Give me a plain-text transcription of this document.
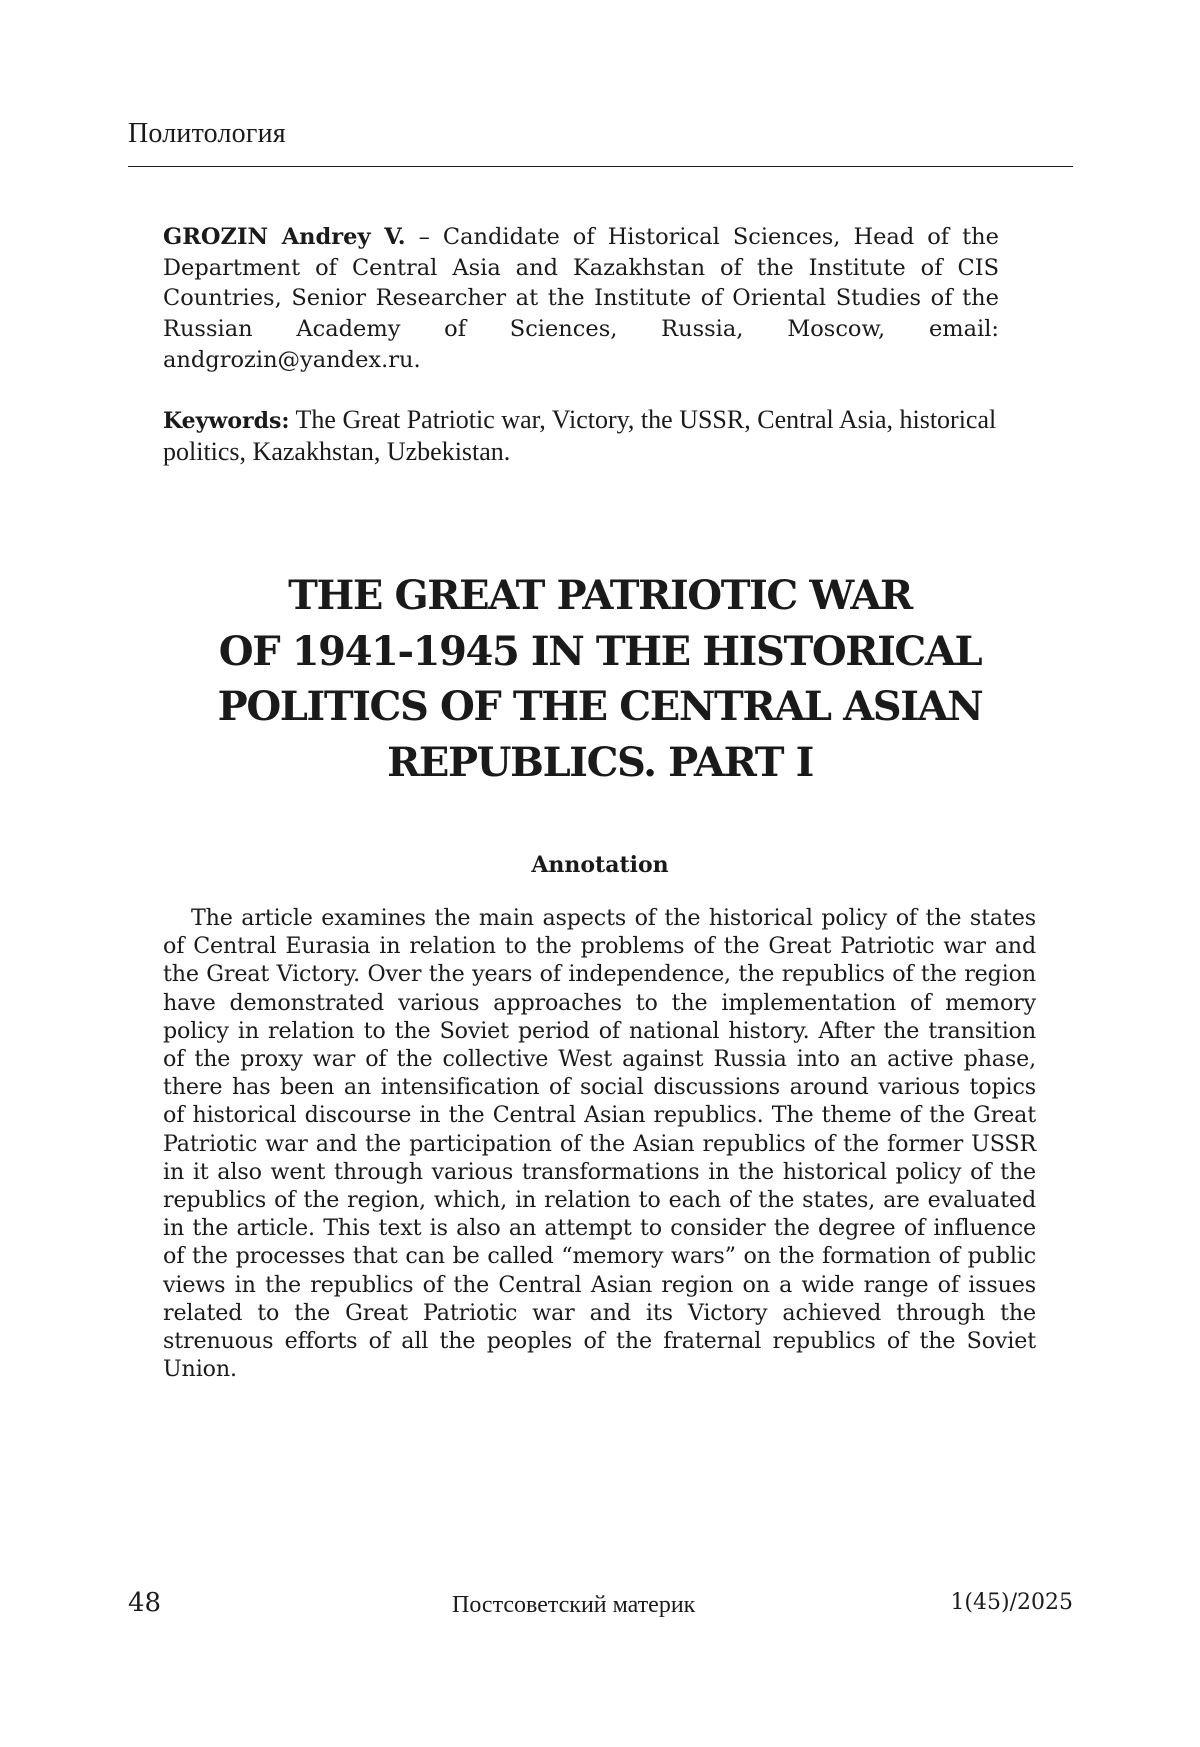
Политология
GROZIN Andrey V. – Candidate of Historical Sciences, Head of the Department of Central Asia and Kazakhstan of the Institute of CIS Countries, Senior Researcher at the Institute of Oriental Studies of the Russian Academy of Sciences, Russia, Moscow, email: andgrozin@yandex.ru.
Keywords: The Great Patriotic war, Victory, the USSR, Central Asia, historical politics, Kazakhstan, Uzbekistan.
THE GREAT PATRIOTIC WAR
OF 1941-1945 IN THE HISTORICAL
POLITICS OF THE CENTRAL ASIAN
REPUBLICS. PART I
Annotation
The article examines the main aspects of the historical policy of the states of Central Eurasia in relation to the problems of the Great Patriotic war and the Great Victory. Over the years of independence, the republics of the region have demonstrated various approaches to the implementation of memory policy in relation to the Soviet period of national history. After the transition of the proxy war of the collective West against Russia into an active phase, there has been an intensification of social discussions around various topics of historical discourse in the Central Asian republics. The theme of the Great Patriotic war and the participation of the Asian republics of the former USSR in it also went through various transformations in the historical policy of the republics of the region, which, in relation to each of the states, are evaluated in the article. This text is also an attempt to consider the degree of influence of the processes that can be called “memory wars” on the formation of public views in the republics of the Central Asian region on a wide range of issues related to the Great Patriotic war and its Victory achieved through the strenuous efforts of all the peoples of the fraternal republics of the Soviet Union.
48	Постсоветский материк	1(45)/2025
